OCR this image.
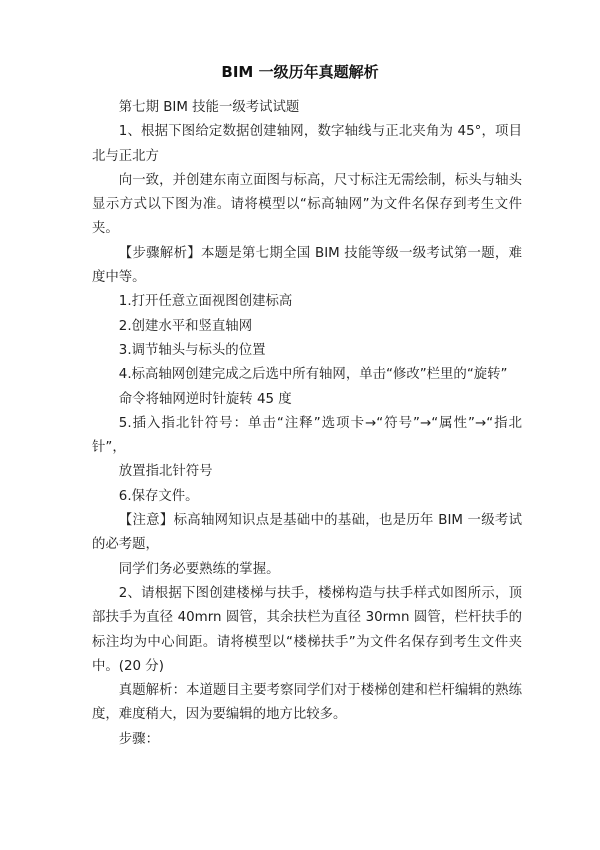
BIM 一级历年真题解析

第七期 BIM 技能一级考试试题

1、根据下图给定数据创建轴网，数字轴线与正北夹角为 45°，项目北与正北方

向一致，并创建东南立面图与标高，尺寸标注无需绘制，标头与轴头显示方式以下图为准。请将模型以“标高轴网”为文件名保存到考生文件夹。

【步骤解析】本题是第七期全国 BIM 技能等级一级考试第一题，难度中等。

1.打开任意立面视图创建标高

2.创建水平和竖直轴网

3.调节轴头与标头的位置

4.标高轴网创建完成之后选中所有轴网，单击“修改”栏里的“旋转”

命令将轴网逆时针旋转 45 度

5.插入指北针符号：单击“注释”选项卡→“符号”→“属性”→“指北针”，

放置指北针符号

6.保存文件。

【注意】标高轴网知识点是基础中的基础，也是历年 BIM 一级考试的必考题，

同学们务必要熟练的掌握。

2、请根据下图创建楼梯与扶手，楼梯构造与扶手样式如图所示，顶部扶手为直径 40mrn 圆管，其余扶栏为直径 30rmn 圆管，栏杆扶手的标注均为中心间距。请将模型以“楼梯扶手”为文件名保存到考生文件夹中。(20 分)

真题解析：本道题目主要考察同学们对于楼梯创建和栏杆编辑的熟练度，难度稍大，因为要编辑的地方比较多。

步骤：
